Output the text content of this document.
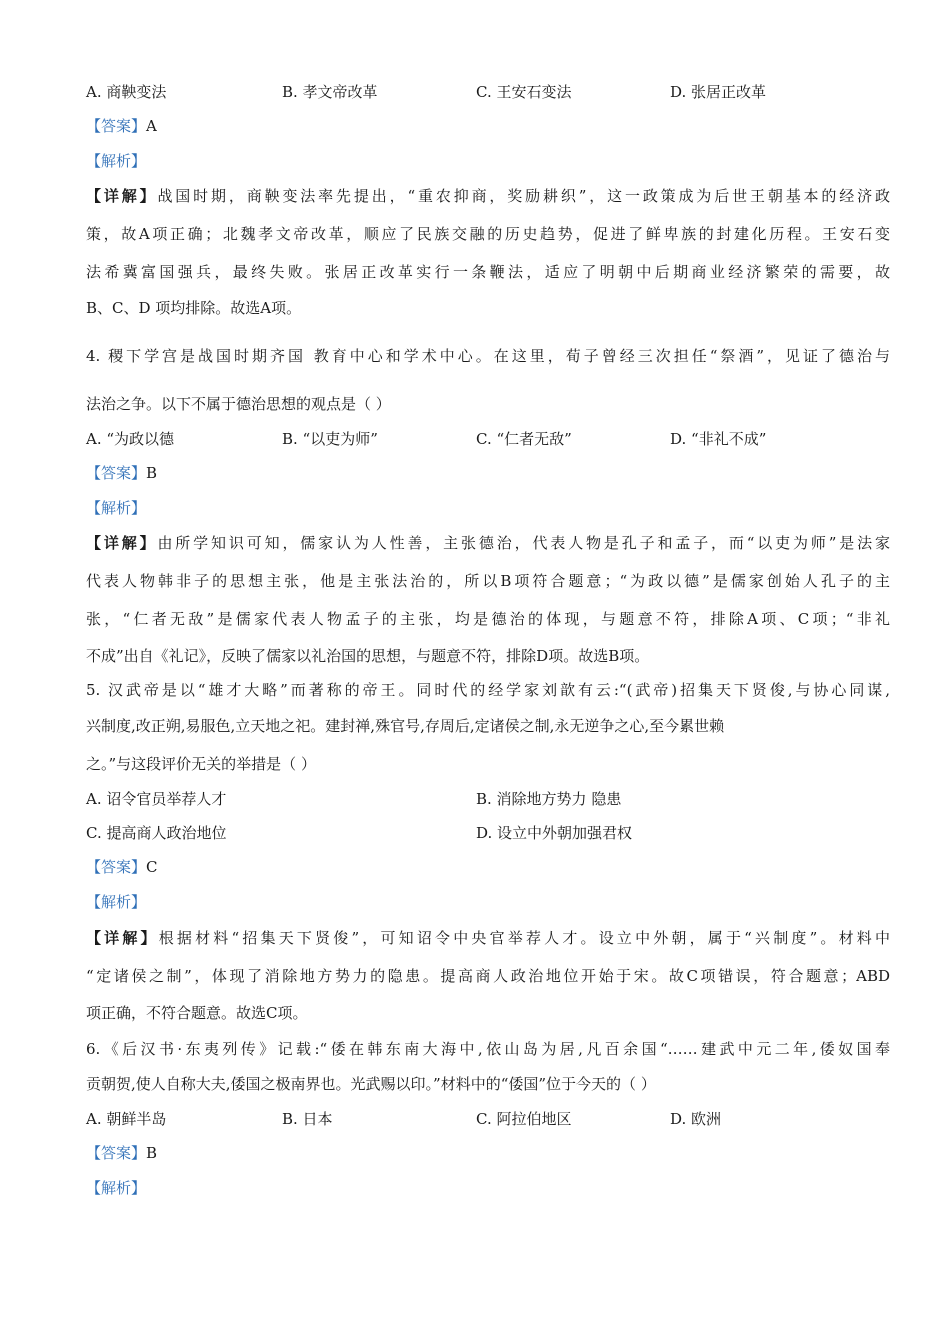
A. 商鞅变法	B. 孝文帝改革	C. 王安石变法	D. 张居正改革
【答案】A
【解析】
【详解】战国时期，商鞅变法率先提出，“重农抑商，奖励耕织”，这一政策成为后世王朝基本的经济政
策，故A项正确；北魏孝文帝改革，顺应了民族交融的历史趋势，促进了鲜卑族的封建化历程。王安石变
法希冀富国强兵，最终失败。张居正改革实行一条鞭法，适应了明朝中后期商业经济繁荣的需要，故
B、C、D 项均排除。故选A项。
4. 稷下学宫是战国时期齐国 教育中心和学术中心。在这里，荀子曾经三次担任“祭酒”，见证了德治与
法治之争。以下不属于德治思想的观点是（ ）
A. “为政以德	B. “以吏为师”	C. “仁者无敌”	D. “非礼不成”
【答案】B
【解析】
【详解】由所学知识可知，儒家认为人性善，主张德治，代表人物是孔子和孟子，而“以吏为师”是法家
代表人物韩非子的思想主张，他是主张法治的，所以B项符合题意；“为政以德”是儒家创始人孔子的主
张，“仁者无敌”是儒家代表人物孟子的主张，均是德治的体现，与题意不符，排除A项、C项；“非礼
不成”出自《礼记》，反映了儒家以礼治国的思想，与题意不符，排除D项。故选B项。
5. 汉武帝是以“雄才大略”而著称的帝王。同时代的经学家刘歆有云:“(武帝)招集天下贤俊,与协心同谋,
兴制度,改正朔,易服色,立天地之祀。建封禅,殊官号,存周后,定诸侯之制,永无逆争之心,至今累世赖
之。”与这段评价无关的举措是（ ）
A. 诏令官员举荐人才	B. 消除地方势力 隐患
C. 提高商人政治地位	D. 设立中外朝加强君权
【答案】C
【解析】
【详解】根据材料“招集天下贤俊”，可知诏令中央官举荐人才。设立中外朝，属于“兴制度”。材料中
“定诸侯之制”，体现了消除地方势力的隐患。提高商人政治地位开始于宋。故C项错误，符合题意；ABD
项正确，不符合题意。故选C项。
6.《后汉书·东夷列传》记载:“倭在韩东南大海中,依山岛为居,凡百余国“……建武中元二年,倭奴国奉
贡朝贺,使人自称大夫,倭国之极南界也。光武赐以印。”材料中的“倭国”位于今天的（ ）
A. 朝鲜半岛	B. 日本	C. 阿拉伯地区	D. 欧洲
【答案】B
【解析】
